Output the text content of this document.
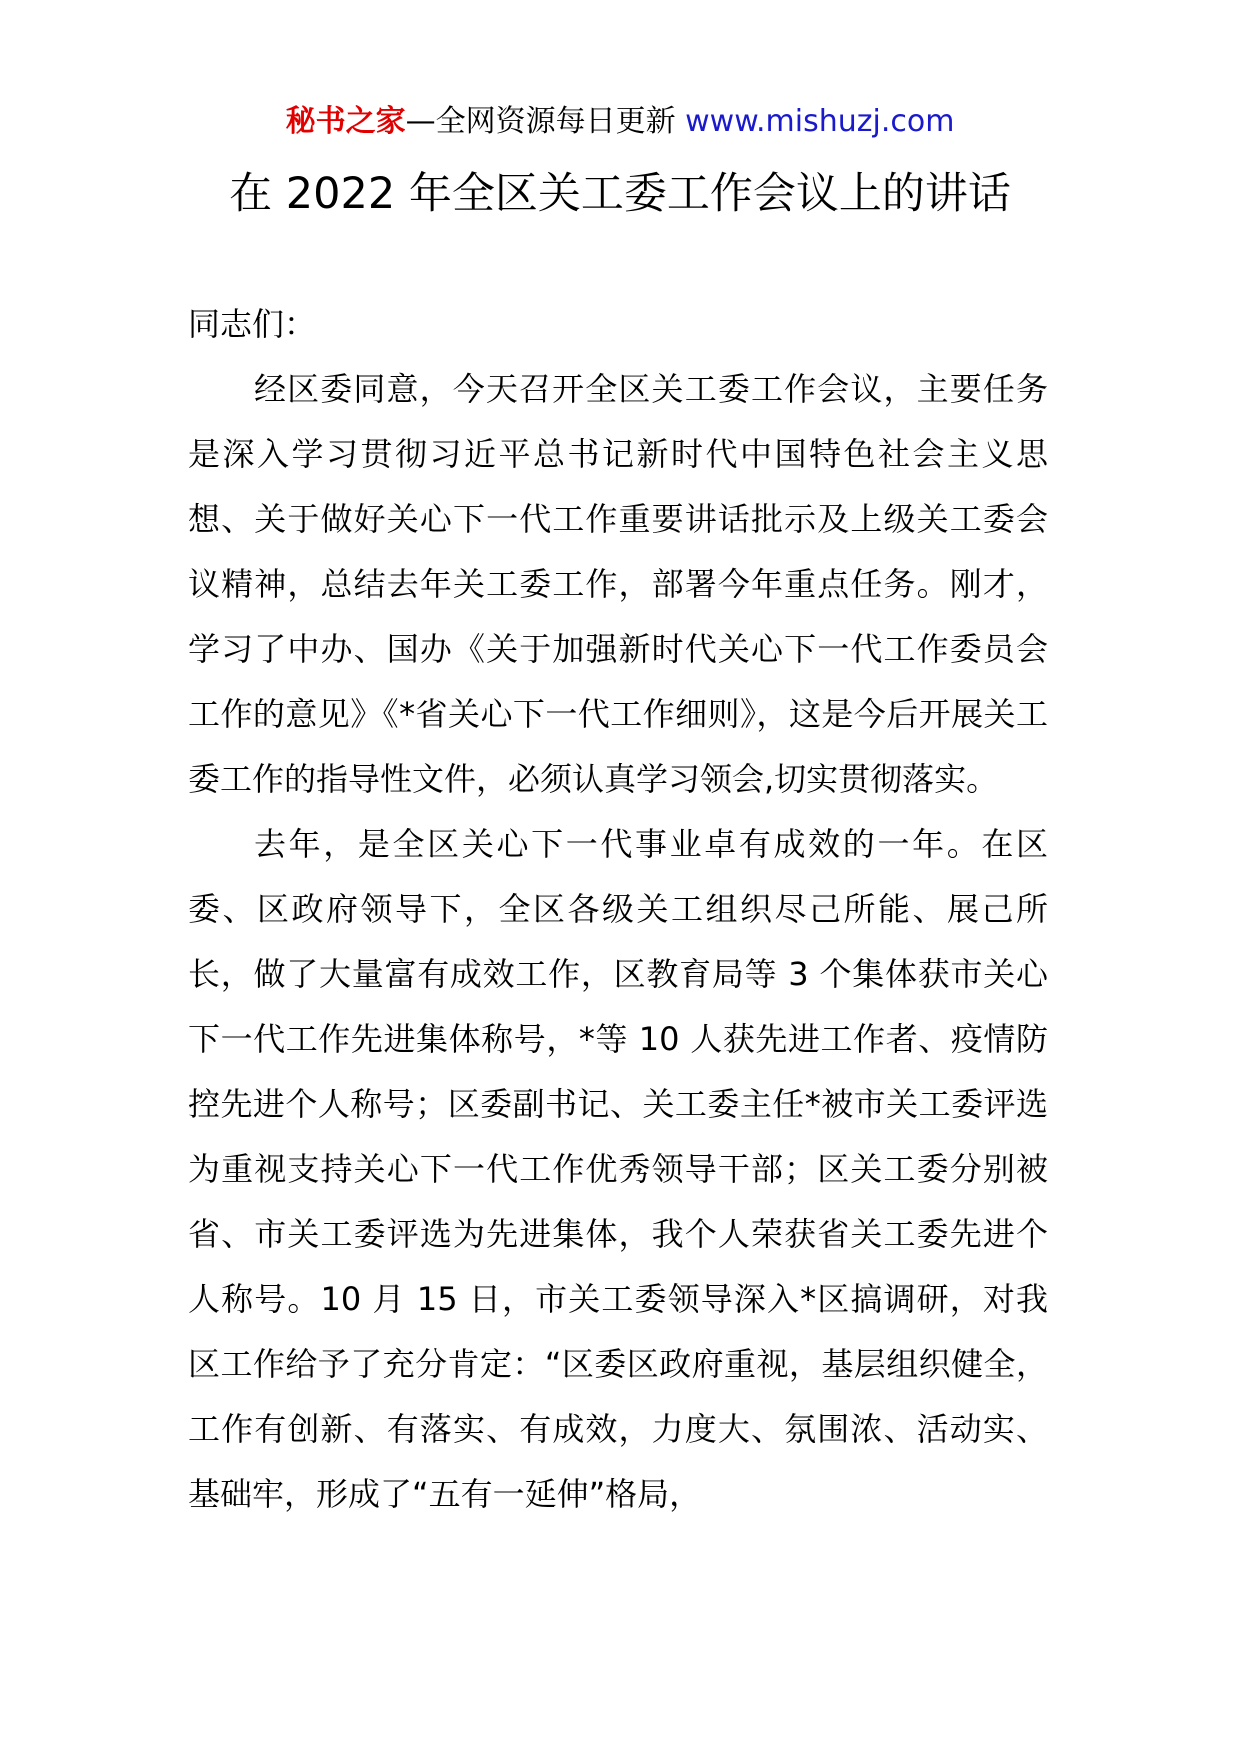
秘书之家—全网资源每日更新 www.mishuzj.com
在 2022 年全区关工委工作会议上的讲话

同志们：

经区委同意，今天召开全区关工委工作会议，主要任务是深入学习贯彻习近平总书记新时代中国特色社会主义思想、关于做好关心下一代工作重要讲话批示及上级关工委会议精神，总结去年关工委工作，部署今年重点任务。刚才，学习了中办、国办《关于加强新时代关心下一代工作委员会工作的意见》《*省关心下一代工作细则》，这是今后开展关工委工作的指导性文件，必须认真学习领会,切实贯彻落实。

去年，是全区关心下一代事业卓有成效的一年。在区委、区政府领导下，全区各级关工组织尽己所能、展己所长，做了大量富有成效工作，区教育局等 3 个集体获市关心下一代工作先进集体称号，*等 10 人获先进工作者、疫情防控先进个人称号；区委副书记、关工委主任*被市关工委评选为重视支持关心下一代工作优秀领导干部；区关工委分别被省、市关工委评选为先进集体，我个人荣获省关工委先进个人称号。10 月 15 日，市关工委领导深入*区搞调研，对我区工作给予了充分肯定：“区委区政府重视，基层组织健全，工作有创新、有落实、有成效，力度大、氛围浓、活动实、基础牢，形成了“五有一延伸”格局，
